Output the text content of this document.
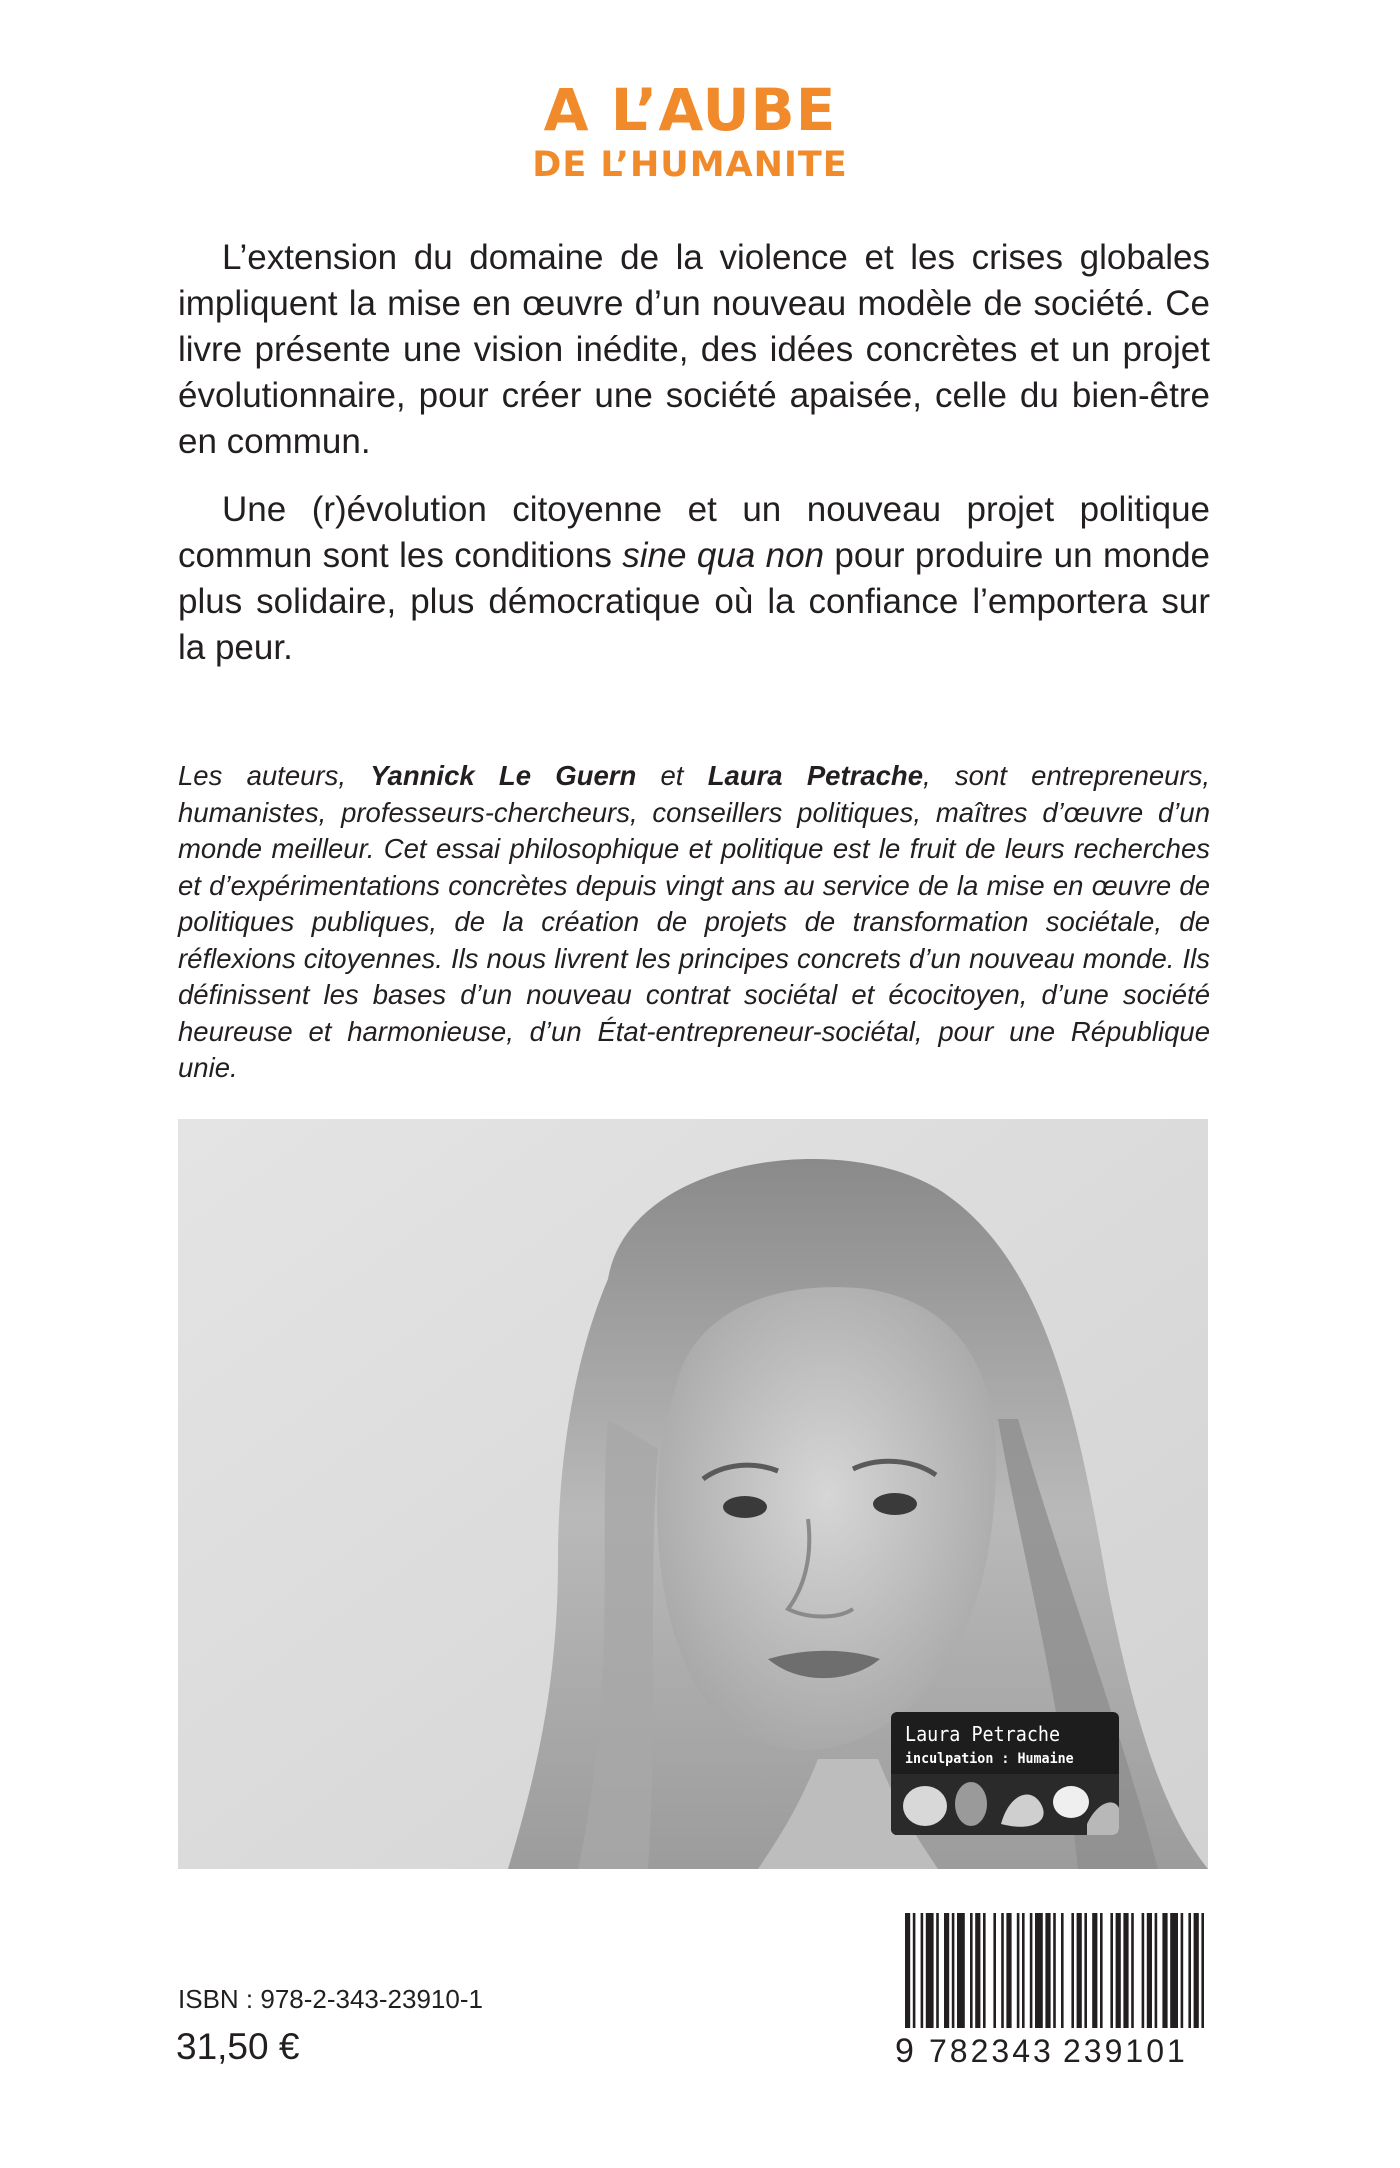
A L’AUBE
DE L’HUMANITE

L’extension du domaine de la violence et les crises globales impliquent la mise en œuvre d’un nouveau modèle de société. Ce livre présente une vision inédite, des idées concrètes et un projet évolutionnaire, pour créer une société apaisée, celle du bien-être en commun.

Une (r)évolution citoyenne et un nouveau projet politique commun sont les conditions sine qua non pour produire un monde plus solidaire, plus démocratique où la confiance l’emportera sur la peur.

Les auteurs, Yannick Le Guern et Laura Petrache, sont entrepreneurs, humanistes, professeurs-chercheurs, conseillers politiques, maîtres d’œuvre d’un monde meilleur. Cet essai philosophique et politique est le fruit de leurs recherches et d’expérimentations concrètes depuis vingt ans au service de la mise en œuvre de politiques publiques, de la création de projets de transformation sociétale, de réflexions citoyennes. Ils nous livrent les principes concrets d’un nouveau monde. Ils définissent les bases d’un nouveau contrat sociétal et écocitoyen, d’une société heureuse et harmonieuse, d’un État-entrepreneur-sociétal, pour une République unie.

Laura Petrache
inculpation : Humaine
ISBN : 978-2-343-23910-1
31,50 €	9 782343 239101
